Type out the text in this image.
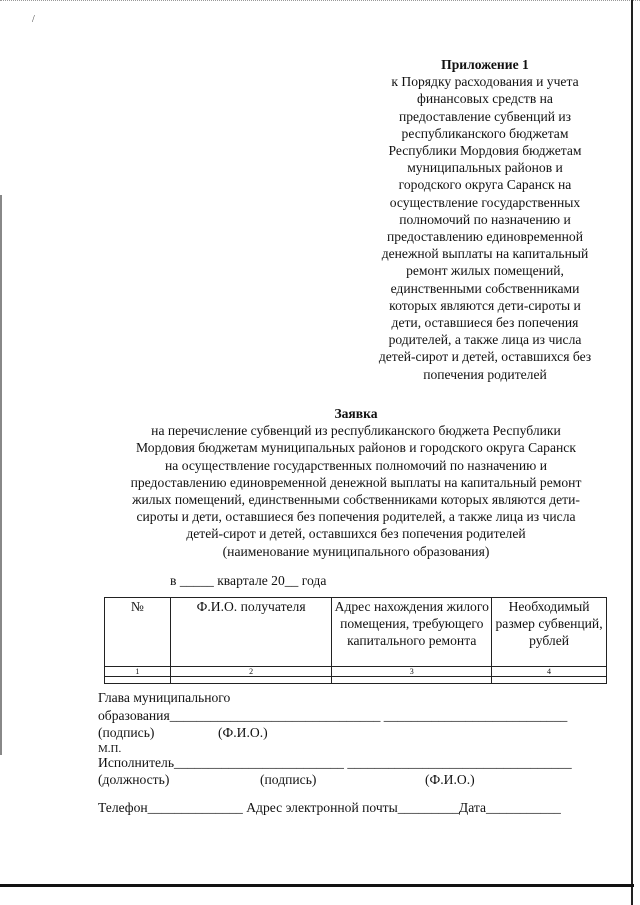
/
Приложение 1
к Порядку расходования и учета
финансовых средств на
предоставление субвенций из
республиканского бюджетам
Республики Мордовия бюджетам
муниципальных районов и
городского округа Саранск на
осуществление государственных
полномочий по назначению и
предоставлению единовременной
денежной выплаты на капитальный
ремонт жилых помещений,
единственными собственниками
которых являются дети-сироты и
дети, оставшиеся без попечения
родителей, а также лица из числа
детей-сирот и детей, оставшихся без
попечения родителей
Заявка
на перечисление субвенций из республиканского бюджета Республики
Мордовия бюджетам муниципальных районов и городского округа Саранск
на осуществление государственных полномочий по назначению и
предоставлению единовременной денежной выплаты на капитальный ремонт
жилых помещений, единственными собственниками которых являются дети-
сироты и дети, оставшиеся без попечения родителей, а также лица из числа
детей-сирот и детей, оставшихся без попечения родителей
(наименование муниципального образования)
в _____ квартале 20__ года
№	Ф.И.О. получателя	Адрес нахождения жилого помещения, требующего капитального ремонта	Необходимый размер субвенций, рублей
1	2	3	4

Глава муниципального
образования_______________________________ ___________________________
(подпись)	(Ф.И.О.)
М.П.
Исполнитель_________________________ _________________________________
(должность)	(подпись)	(Ф.И.О.)
Телефон______________ Адрес электронной почты_________Дата___________
